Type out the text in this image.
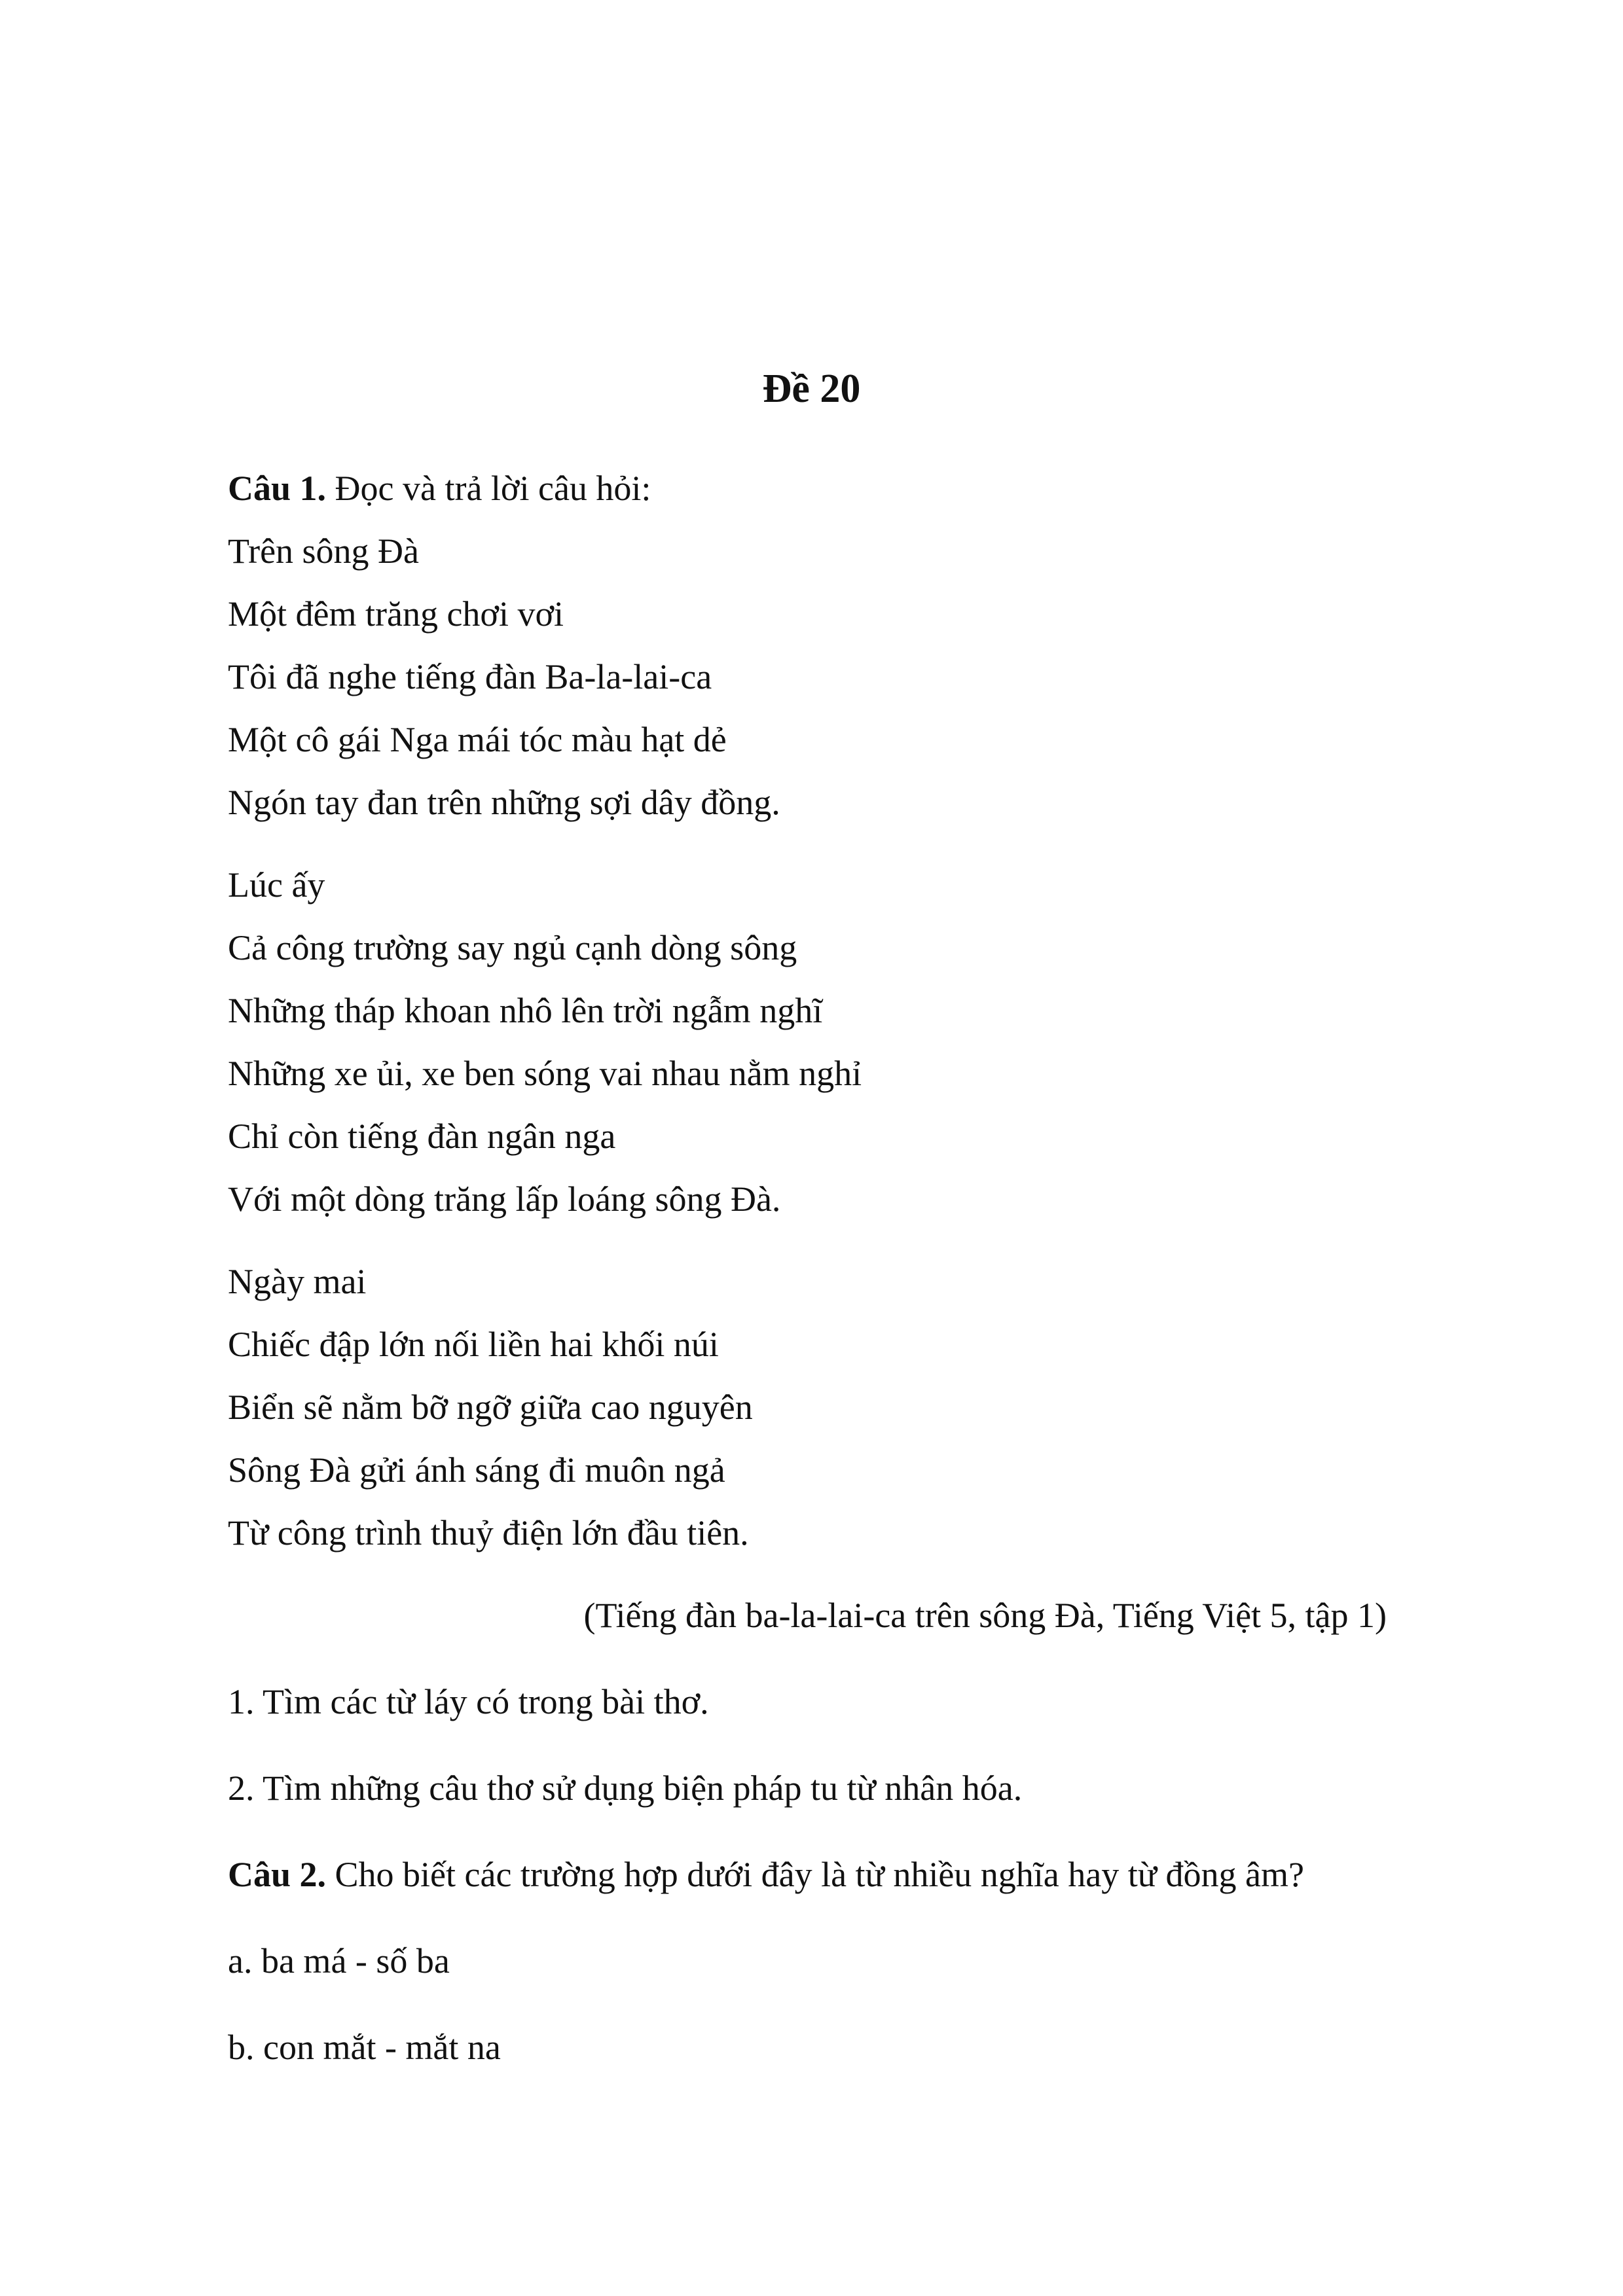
Đề 20

Câu 1. Đọc và trả lời câu hỏi:

Trên sông Đà
Một đêm trăng chơi vơi
Tôi đã nghe tiếng đàn Ba-la-lai-ca
Một cô gái Nga mái tóc màu hạt dẻ
Ngón tay đan trên những sợi dây đồng.
Lúc ấy
Cả công trường say ngủ cạnh dòng sông
Những tháp khoan nhô lên trời ngẫm nghĩ
Những xe ủi, xe ben sóng vai nhau nằm nghỉ
Chỉ còn tiếng đàn ngân nga
Với một dòng trăng lấp loáng sông Đà.
Ngày mai
Chiếc đập lớn nối liền hai khối núi
Biển sẽ nằm bỡ ngỡ giữa cao nguyên
Sông Đà gửi ánh sáng đi muôn ngả
Từ công trình thuỷ điện lớn đầu tiên.

(Tiếng đàn ba-la-lai-ca trên sông Đà, Tiếng Việt 5, tập 1)

1. Tìm các từ láy có trong bài thơ.

2. Tìm những câu thơ sử dụng biện pháp tu từ nhân hóa.

Câu 2. Cho biết các trường hợp dưới đây là từ nhiều nghĩa hay từ đồng âm?

a. ba má - số ba

b. con mắt - mắt na
